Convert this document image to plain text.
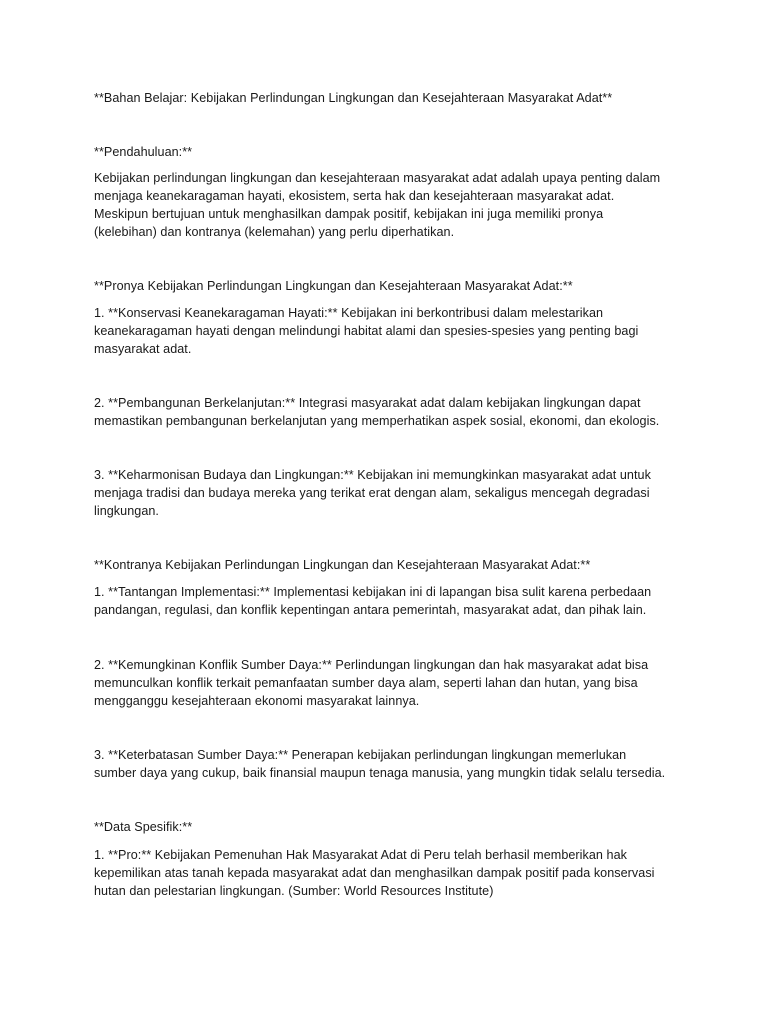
**Bahan Belajar: Kebijakan Perlindungan Lingkungan dan Kesejahteraan Masyarakat Adat**
**Pendahuluan:**
Kebijakan perlindungan lingkungan dan kesejahteraan masyarakat adat adalah upaya penting dalam
menjaga keanekaragaman hayati, ekosistem, serta hak dan kesejahteraan masyarakat adat.
Meskipun bertujuan untuk menghasilkan dampak positif, kebijakan ini juga memiliki pronya
(kelebihan) dan kontranya (kelemahan) yang perlu diperhatikan.
**Pronya Kebijakan Perlindungan Lingkungan dan Kesejahteraan Masyarakat Adat:**
1. **Konservasi Keanekaragaman Hayati:** Kebijakan ini berkontribusi dalam melestarikan
keanekaragaman hayati dengan melindungi habitat alami dan spesies-spesies yang penting bagi
masyarakat adat.
2. **Pembangunan Berkelanjutan:** Integrasi masyarakat adat dalam kebijakan lingkungan dapat
memastikan pembangunan berkelanjutan yang memperhatikan aspek sosial, ekonomi, dan ekologis.
3. **Keharmonisan Budaya dan Lingkungan:** Kebijakan ini memungkinkan masyarakat adat untuk
menjaga tradisi dan budaya mereka yang terikat erat dengan alam, sekaligus mencegah degradasi
lingkungan.
**Kontranya Kebijakan Perlindungan Lingkungan dan Kesejahteraan Masyarakat Adat:**
1. **Tantangan Implementasi:** Implementasi kebijakan ini di lapangan bisa sulit karena perbedaan
pandangan, regulasi, dan konflik kepentingan antara pemerintah, masyarakat adat, dan pihak lain.
2. **Kemungkinan Konflik Sumber Daya:** Perlindungan lingkungan dan hak masyarakat adat bisa
memunculkan konflik terkait pemanfaatan sumber daya alam, seperti lahan dan hutan, yang bisa
mengganggu kesejahteraan ekonomi masyarakat lainnya.
3. **Keterbatasan Sumber Daya:** Penerapan kebijakan perlindungan lingkungan memerlukan
sumber daya yang cukup, baik finansial maupun tenaga manusia, yang mungkin tidak selalu tersedia.
**Data Spesifik:**
1. **Pro:** Kebijakan Pemenuhan Hak Masyarakat Adat di Peru telah berhasil memberikan hak
kepemilikan atas tanah kepada masyarakat adat dan menghasilkan dampak positif pada konservasi
hutan dan pelestarian lingkungan. (Sumber: World Resources Institute)
